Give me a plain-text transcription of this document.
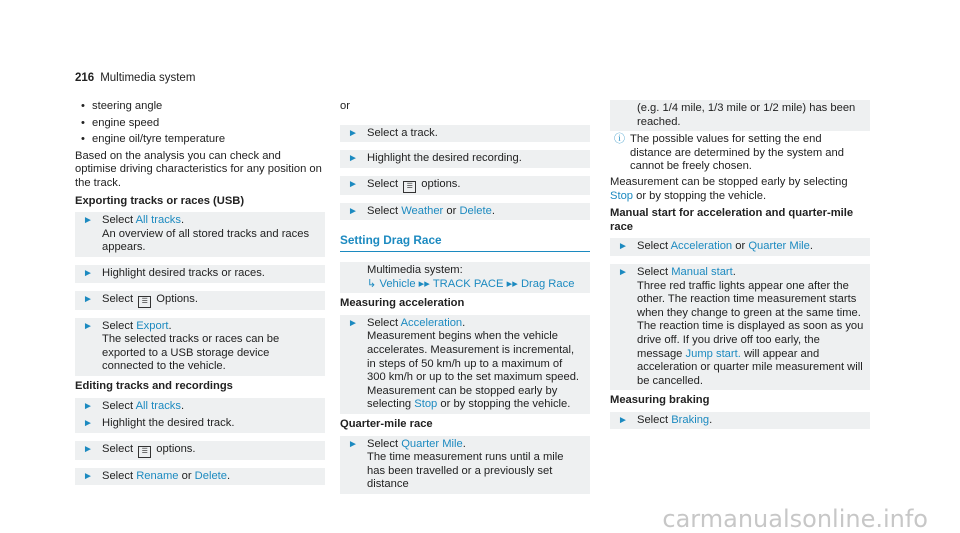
216 Multimedia system
• steering angle
• engine speed
• engine oil/tyre temperature
Based on the analysis you can check and optimise driving characteristics for any position on the track.
Exporting tracks or races (USB)
► Select All tracks.
An overview of all stored tracks and races appears.
► Highlight desired tracks or races.
► Select ☰ Options.
► Select Export.
The selected tracks or races can be exported to a USB storage device connected to the vehicle.
Editing tracks and recordings
► Select All tracks.
► Highlight the desired track.
► Select ☰ options.
► Select Rename or Delete.
or
► Select a track.
► Highlight the desired recording.
► Select ☰ options.
► Select Weather or Delete.
Setting Drag Race
Multimedia system:
↳ Vehicle ▸▸ TRACK PACE ▸▸ Drag Race
Measuring acceleration
► Select Acceleration.
Measurement begins when the vehicle accelerates. Measurement is incremental, in steps of 50 km/h up to a maximum of 300 km/h or up to the set maximum speed.
Measurement can be stopped early by selecting Stop or by stopping the vehicle.
Quarter-mile race
► Select Quarter Mile.
The time measurement runs until a mile has been travelled or a previously set distance
(e.g. 1/4 mile, 1/3 mile or 1/2 mile) has been reached.
ⓘ The possible values for setting the end distance are determined by the system and cannot be freely chosen.
Measurement can be stopped early by selecting Stop or by stopping the vehicle.
Manual start for acceleration and quarter-mile race
► Select Acceleration or Quarter Mile.
► Select Manual start.
Three red traffic lights appear one after the other. The reaction time measurement starts when they change to green at the same time. The reaction time is displayed as soon as you drive off. If you drive off too early, the message Jump start. will appear and acceleration or quarter mile measurement will be cancelled.
Measuring braking
► Select Braking.
carmanualsonline.info
